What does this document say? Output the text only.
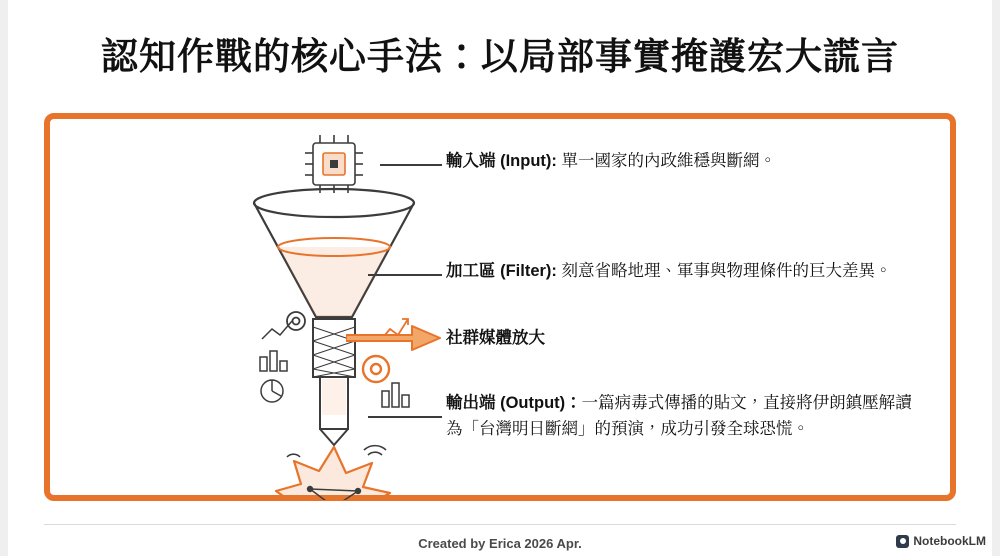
認知作戰的核心手法：以局部事實掩護宏大謊言
輸入端 (Input): 單一國家的內政維穩與斷網。
加工區 (Filter): 刻意省略地理、軍事與物理條件的巨大差異。
社群媒體放大
輸出端 (Output)：一篇病毒式傳播的貼文，直接將伊朗鎮壓解讀為「台灣明日斷網」的預演，成功引發全球恐慌。
Created by Erica 2026 Apr.	NotebookLM
